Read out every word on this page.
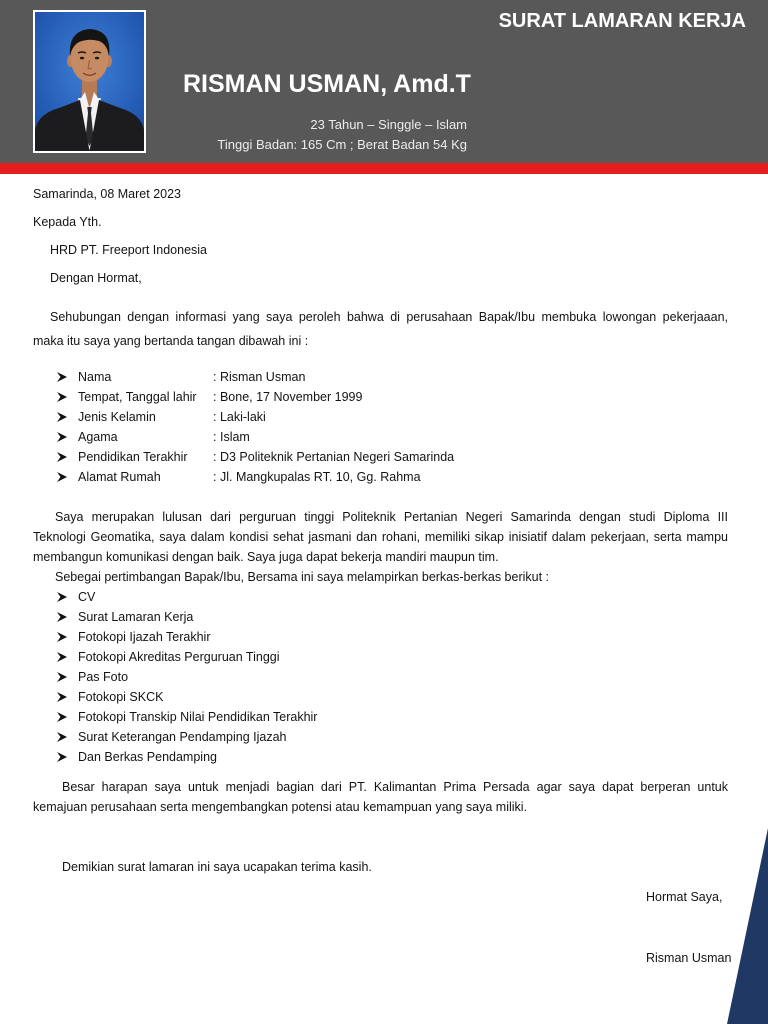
SURAT LAMARAN KERJA
RISMAN USMAN, Amd.T
23 Tahun – Singgle – Islam
Tinggi Badan: 165 Cm ; Berat Badan 54 Kg
Samarinda, 08 Maret 2023
Kepada Yth.
HRD PT. Freeport Indonesia
Dengan Hormat,
Sehubungan dengan informasi yang saya peroleh bahwa di perusahaan Bapak/Ibu membuka lowongan pekerjaaan,
maka itu saya yang bertanda tangan dibawah ini :
Nama	: Risman Usman
Tempat, Tanggal lahir : Bone, 17 November 1999
Jenis Kelamin	: Laki-laki
Agama	: Islam
Pendidikan Terakhir : D3 Politeknik Pertanian Negeri Samarinda
Alamat Rumah	: Jl. Mangkupalas RT. 10, Gg. Rahma
Saya merupakan lulusan dari perguruan tinggi Politeknik Pertanian Negeri Samarinda dengan studi Diploma III
Teknologi Geomatika, saya dalam kondisi sehat jasmani dan rohani, memiliki sikap inisiatif dalam pekerjaan, serta mampu
membangun komunikasi dengan baik. Saya juga dapat bekerja mandiri maupun tim.
Sebegai pertimbangan Bapak/Ibu, Bersama ini saya melampirkan berkas-berkas berikut :
CV
Surat Lamaran Kerja
Fotokopi Ijazah Terakhir
Fotokopi Akreditas Perguruan Tinggi
Pas Foto
Fotokopi SKCK
Fotokopi Transkip Nilai Pendidikan Terakhir
Surat Keterangan Pendamping Ijazah
Dan Berkas Pendamping
Besar harapan saya untuk menjadi bagian dari PT. Kalimantan Prima Persada agar saya dapat berperan untuk
kemajuan perusahaan serta mengembangkan potensi atau kemampuan yang saya miliki.
Demikian surat lamaran ini saya ucapakan terima kasih.
Hormat Saya,
Risman Usman
